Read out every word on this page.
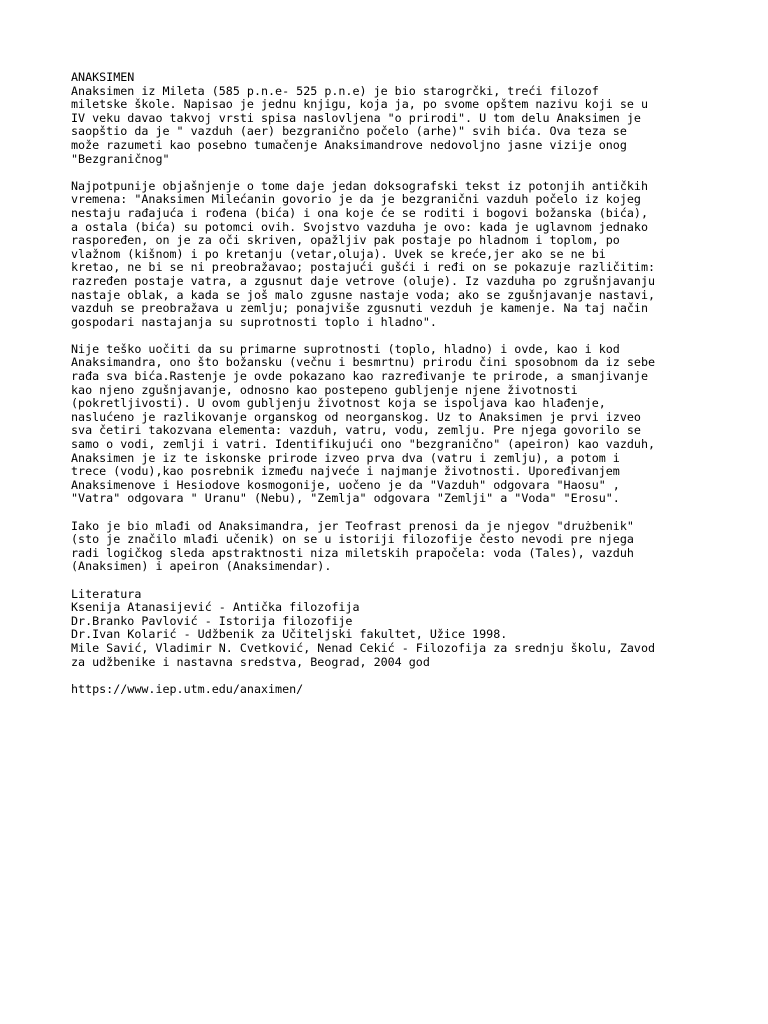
ANAKSIMEN
Anaksimen iz Mileta (585 p.n.e- 525 p.n.e) je bio starogrčki, treći filozof
miletske škole. Napisao je jednu knjigu, koja ja, po svome opštem nazivu koji se u
IV veku davao takvoj vrsti spisa naslovljena "o prirodi". U tom delu Anaksimen je
saopštio da je " vazduh (aer) bezgranično počelo (arhe)" svih bića. Ova teza se
može razumeti kao posebno tumačenje Anaksimandrove nedovoljno jasne vizije onog
"Bezgraničnog"
Najpotpunije objašnjenje o tome daje jedan doksografski tekst iz potonjih antičkih
vremena: "Anaksimen Milećanin govorio je da je bezgranični vazduh počelo iz kojeg
nestaju rađajuća i rođena (bića) i ona koje će se roditi i bogovi božanska (bića),
a ostala (bića) su potomci ovih. Svojstvo vazduha je ovo: kada je uglavnom jednako
raspoređen, on je za oči skriven, opažljiv pak postaje po hladnom i toplom, po
vlažnom (kišnom) i po kretanju (vetar,oluja). Uvek se kreće,jer ako se ne bi
kretao, ne bi se ni preobražavao; postajući gušći i ređi on se pokazuje različitim:
razređen postaje vatra, a zgusnut daje vetrove (oluje). Iz vazduha po zgrušnjavanju
nastaje oblak, a kada se još malo zgusne nastaje voda; ako se zgušnjavanje nastavi,
vazduh se preobražava u zemlju; ponajviše zgusnuti vezduh je kamenje. Na taj način
gospodari nastajanja su suprotnosti toplo i hladno".
Nije teško uočiti da su primarne suprotnosti (toplo, hladno) i ovde, kao i kod
Anaksimandra, ono što božansku (večnu i besmrtnu) prirodu čini sposobnom da iz sebe
rađa sva bića.Rastenje je ovde pokazano kao razređivanje te prirode, a smanjivanje
kao njeno zgušnjavanje, odnosno kao postepeno gubljenje njene životnosti
(pokretljivosti). U ovom gubljenju životnost koja se ispoljava kao hlađenje,
naslućeno je razlikovanje organskog od neorganskog. Uz to Anaksimen je prvi izveo
sva četiri takozvana elementa: vazduh, vatru, vodu, zemlju. Pre njega govorilo se
samo o vodi, zemlji i vatri. Identifikujući ono "bezgranično" (apeiron) kao vazduh,
Anaksimen je iz te iskonske prirode izveo prva dva (vatru i zemlju), a potom i
trece (vodu),kao posrebnik između najveće i najmanje životnosti. Upoređivanjem
Anaksimenove i Hesiodove kosmogonije, uočeno je da "Vazduh" odgovara "Haosu" ,
"Vatra" odgovara " Uranu" (Nebu), "Zemlja" odgovara "Zemlji" a "Voda" "Erosu".
Iako je bio mlađi od Anaksimandra, jer Teofrast prenosi da je njegov "drużbenik"
(sto je značilo mlađi učenik) on se u istoriji filozofije često nevodi pre njega
radi logičkog sleda apstraktnosti niza miletskih prapočela: voda (Tales), vazduh
(Anaksimen) i apeiron (Anaksimendar).
Literatura
Ksenija Atanasijević - Antička filozofija
Dr.Branko Pavlović - Istorija filozofije
Dr.Ivan Kolarić - Udžbenik za Učiteljski fakultet, Užice 1998.
Mile Savić, Vladimir N. Cvetković, Nenad Cekić - Filozofija za srednju školu, Zavod
za udžbenike i nastavna sredstva, Beograd, 2004 god
https://www.iep.utm.edu/anaximen/
